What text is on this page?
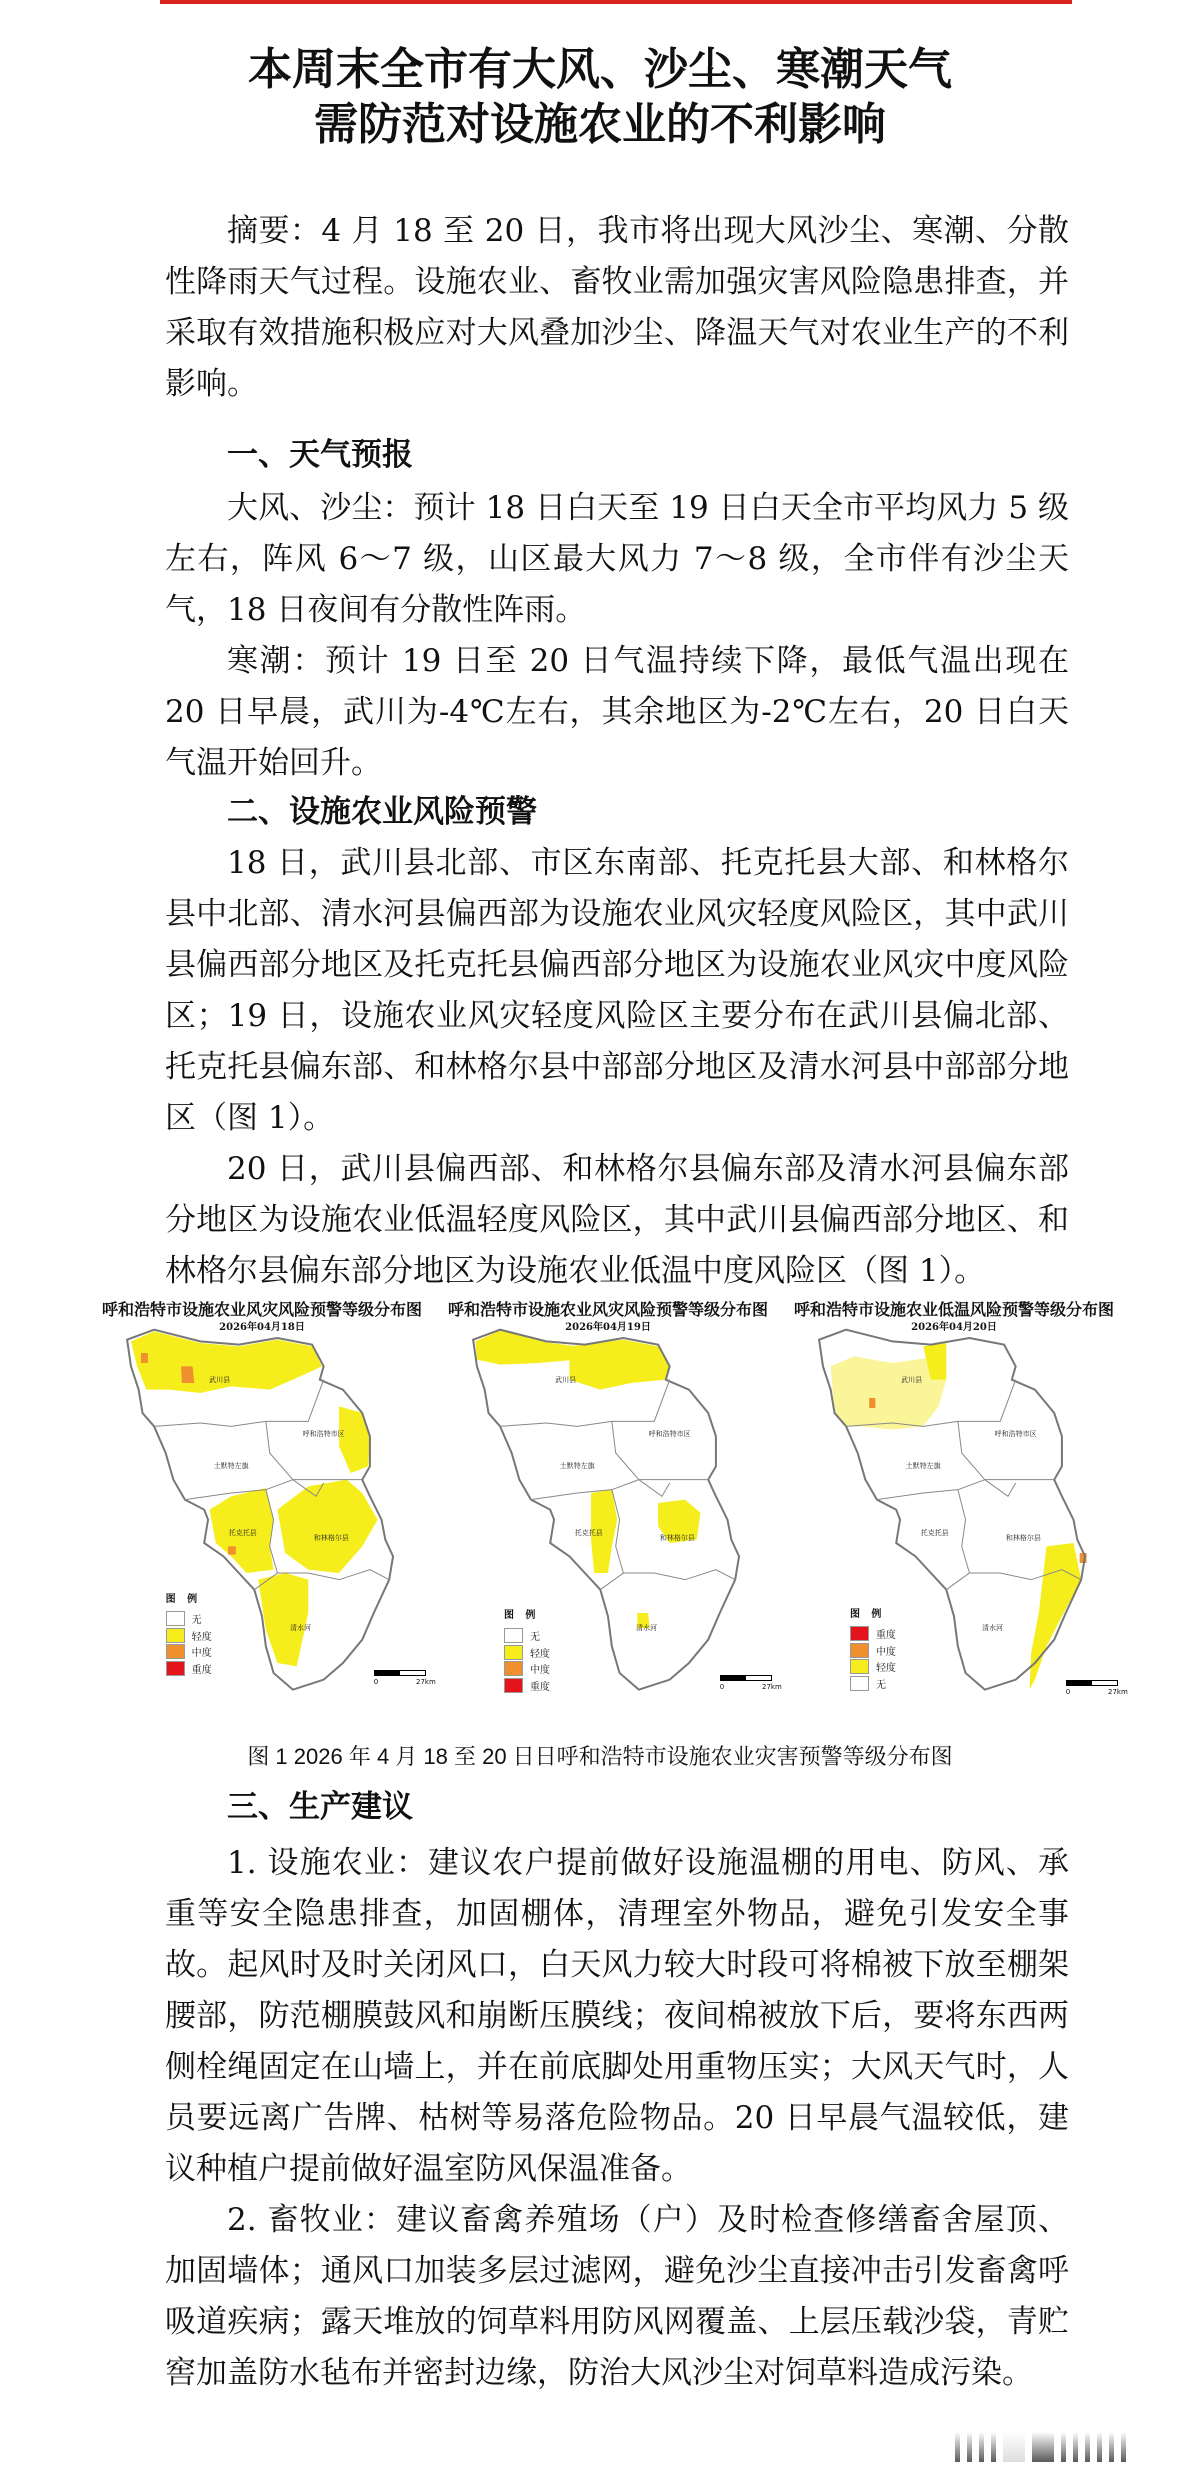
本周末全市有大风、沙尘、寒潮天气
需防范对设施农业的不利影响

摘要：4 月 18 至 20 日，我市将出现大风沙尘、寒潮、分散性降雨天气过程。设施农业、畜牧业需加强灾害风险隐患排查，并采取有效措施积极应对大风叠加沙尘、降温天气对农业生产的不利影响。

一、天气预报

大风、沙尘：预计 18 日白天至 19 日白天全市平均风力 5 级左右，阵风 6～7 级，山区最大风力 7～8 级，全市伴有沙尘天气，18 日夜间有分散性阵雨。

寒潮：预计 19 日至 20 日气温持续下降，最低气温出现在 20 日早晨，武川为-4℃左右，其余地区为-2℃左右，20 日白天气温开始回升。

二、设施农业风险预警

18 日，武川县北部、市区东南部、托克托县大部、和林格尔县中北部、清水河县偏西部为设施农业风灾轻度风险区，其中武川县偏西部分地区及托克托县偏西部分地区为设施农业风灾中度风险区；19 日，设施农业风灾轻度风险区主要分布在武川县偏北部、托克托县偏东部、和林格尔县中部部分地区及清水河县中部部分地区（图 1）。

20 日，武川县偏西部、和林格尔县偏东部及清水河县偏东部分地区为设施农业低温轻度风险区，其中武川县偏西部分地区、和林格尔县偏东部分地区为设施农业低温中度风险区（图 1）。

呼和浩特市设施农业风灾风险预警等级分布图
2026年04月18日
武川县
呼和浩特市区
土默特左旗
托克托县
和林格尔县
清水河
图 例
无
轻度
中度
重度
0	27km
呼和浩特市设施农业风灾风险预警等级分布图
2026年04月19日
武川县
呼和浩特市区
土默特左旗
托克托县
和林格尔县
清水河
图 例
无
轻度
中度
重度	0	27km
呼和浩特市设施农业低温风险预警等级分布图
2026年04月20日
武川县
呼和浩特市区
土默特左旗
托克托县
和林格尔县
清水河
图 例
重度
中度
轻度
无
0	27km
图 1 2026 年 4 月 18 至 20 日日呼和浩特市设施农业灾害预警等级分布图
三、生产建议

1. 设施农业：建议农户提前做好设施温棚的用电、防风、承重等安全隐患排查，加固棚体，清理室外物品，避免引发安全事故。起风时及时关闭风口，白天风力较大时段可将棉被下放至棚架腰部，防范棚膜鼓风和崩断压膜线；夜间棉被放下后，要将东西两侧栓绳固定在山墙上，并在前底脚处用重物压实；大风天气时，人员要远离广告牌、枯树等易落危险物品。20 日早晨气温较低，建议种植户提前做好温室防风保温准备。

2. 畜牧业：建议畜禽养殖场（户）及时检查修缮畜舍屋顶、加固墙体；通风口加装多层过滤网，避免沙尘直接冲击引发畜禽呼吸道疾病；露天堆放的饲草料用防风网覆盖、上层压载沙袋，青贮窖加盖防水毡布并密封边缘，防治大风沙尘对饲草料造成污染。
